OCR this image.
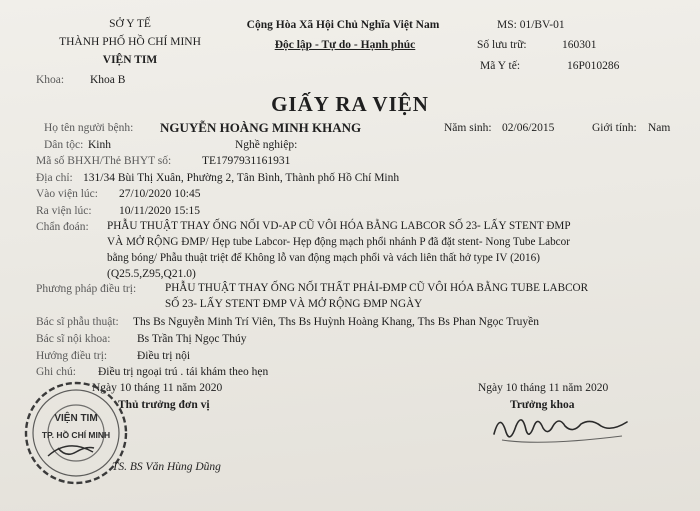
SỞ Y TẾ
THÀNH PHỐ HỒ CHÍ MINH
VIỆN TIM
Khoa: Khoa B
Cộng Hòa Xã Hội Chủ Nghĩa Việt Nam
Độc lập - Tự do - Hạnh phúc
MS: 01/BV-01
Số lưu trữ:	160301
Mã Y tế:	16P010286
GIẤY RA VIỆN
Họ tên người bệnh: NGUYỄN HOÀNG MINH KHANG	Năm sinh: 02/06/2015	Giới tính: Nam
Dân tộc: Kinh	Nghề nghiệp:
Mã số BHXH/Thẻ BHYT số:	TE1797931161931
Địa chỉ: 131/34 Bùi Thị Xuân, Phường 2, Tân Bình, Thành phố Hồ Chí Minh
Vào viện lúc: 27/10/2020 10:45
Ra viện lúc: 10/11/2020 15:15
Chẩn đoán: PHẪU THUẬT THAY ỐNG NỐI VD-AP CŨ VÔI HÓA BẰNG LABCOR SỐ 23- LẤY STENT ĐMP
VÀ MỞ RỘNG ĐMP/ Hẹp tube Labcor- Hẹp động mạch phổi nhánh P đã đặt stent- Nong Tube Labcor
bằng bóng/ Phẫu thuật triệt để Không lỗ van động mạch phổi và vách liên thất hở type IV (2016)
(Q25.5,Z95,Q21.0)
Phương pháp điều trị:	PHẪU THUẬT THAY ỐNG NỐI THẤT PHẢI-ĐMP CŨ VÔI HÓA BẰNG TUBE LABCOR
SỐ 23- LẤY STENT ĐMP VÀ MỞ RỘNG ĐMP NGÀY
Bác sĩ phẫu thuật: Ths Bs Nguyễn Minh Trí Viên, Ths Bs Huỳnh Hoàng Khang, Ths Bs Phan Ngọc Truyền
Bác sĩ nội khoa: Bs Trần Thị Ngọc Thúy
Hướng điều trị:	Điều trị nội
Ghi chú: Điều trị ngoại trú . tái khám theo hẹn
Ngày 10 tháng 11 năm 2020
Thủ trưởng đơn vị
VIỆN TIM
TP. HỒ CHÍ MINH
TS. BS Văn Hùng Dũng
Ngày 10 tháng 11 năm 2020
Trưởng khoa
